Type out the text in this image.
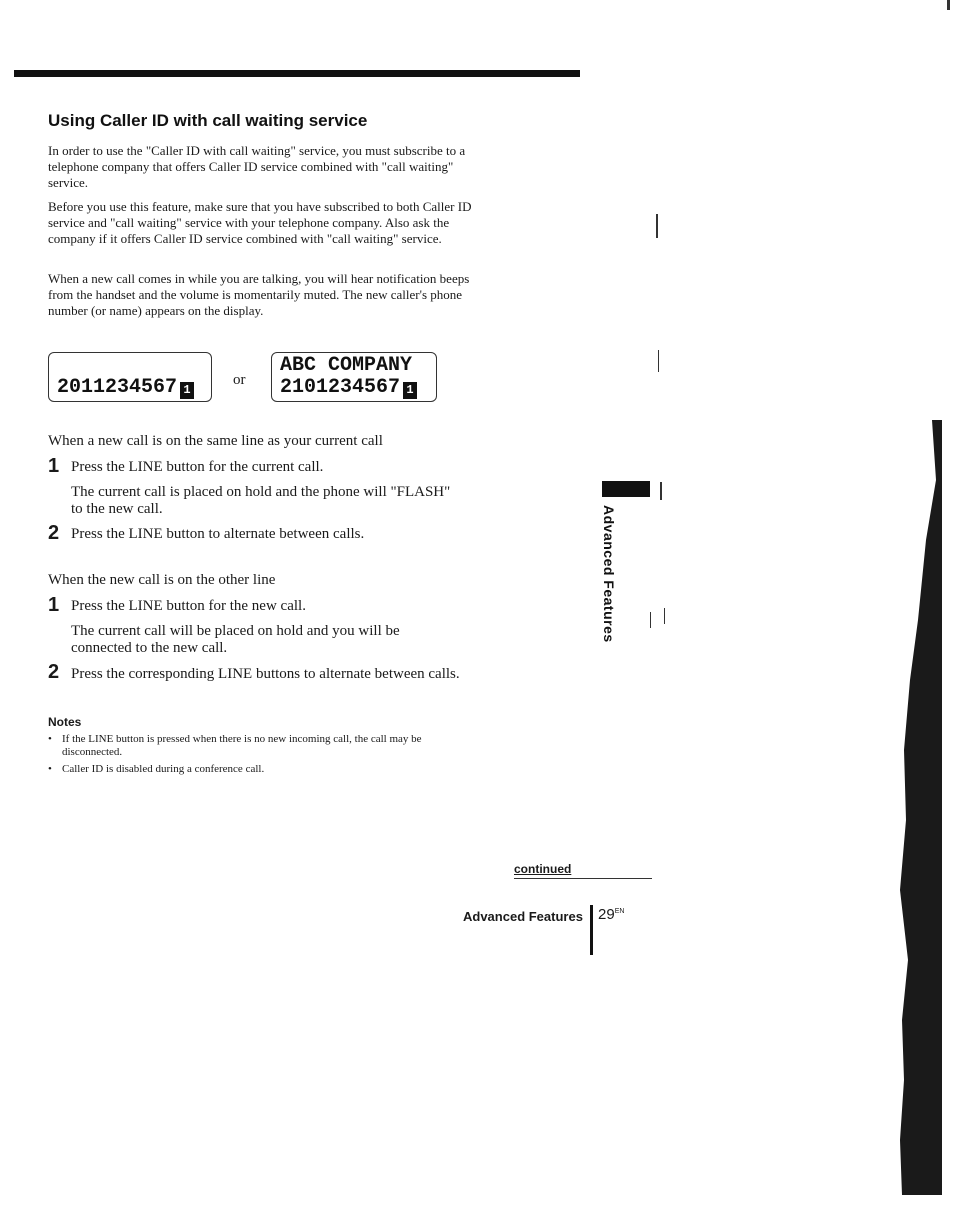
Using Caller ID with call waiting service

In order to use the "Caller ID with call waiting" service, you must subscribe to a telephone company that offers Caller ID service combined with "call waiting" service.

Before you use this feature, make sure that you have subscribed to both Caller ID service and "call waiting" service with your telephone company. Also ask the company if it offers Caller ID service combined with "call waiting" service.

When a new call comes in while you are talking, you will hear notification beeps from the handset and the volume is momentarily muted. The new caller's phone number (or name) appears on the display.

2011234567 1
or
ABC COMPANY
2101234567 1

When a new call is on the same line as your current call

1 Press the LINE button for the current call.

The current call is placed on hold and the phone will "FLASH" to the new call.

2 Press the LINE button to alternate between calls.

When the new call is on the other line

1 Press the LINE button for the new call.

The current call will be placed on hold and you will be connected to the new call.

2 Press the corresponding LINE buttons to alternate between calls.

Notes

• If the LINE button is pressed when there is no new incoming call, the call may be disconnected.

• Caller ID is disabled during a conference call.

Advanced Features
continued
Advanced Features $29^{EN}$
